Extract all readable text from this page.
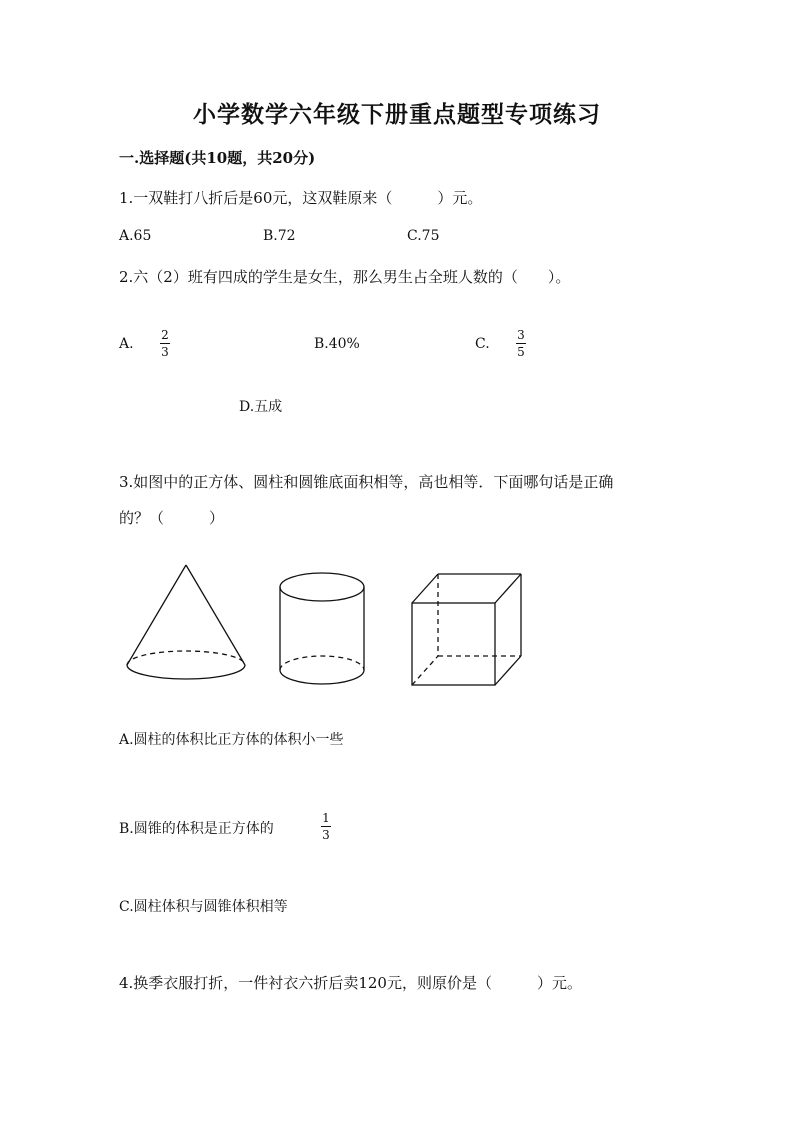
小学数学六年级下册重点题型专项练习
一.选择题(共10题，共20分)
1.一双鞋打八折后是60元，这双鞋原来（　　　）元。
A.65	B.72	C.75
2.六（2）班有四成的学生是女生，那么男生占全班人数的（　　）。
A.
2
3	B.40%	C.
3
5
D.五成
3.如图中的正方体、圆柱和圆锥底面积相等，高也相等．下面哪句话是正确
的？（　　　）
A.圆柱的体积比正方体的体积小一些
B.圆锥的体积是正方体的
1
3
C.圆柱体积与圆锥体积相等
4.换季衣服打折，一件衬衣六折后卖120元，则原价是（　　　）元。
